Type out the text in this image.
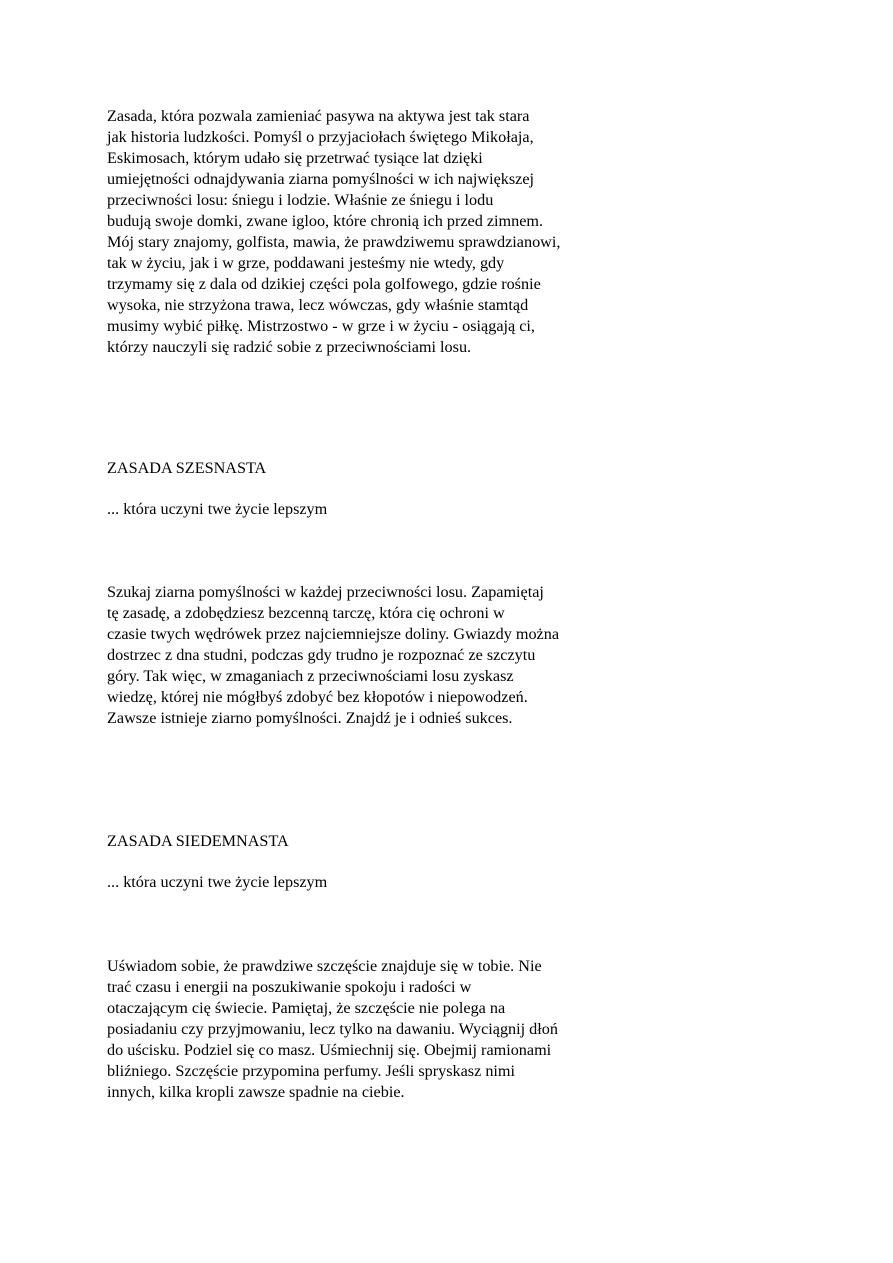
Zasada, która pozwala zamieniać pasywa na aktywa jest tak stara
jak historia ludzkości. Pomyśl o przyjaciołach świętego Mikołaja,
Eskimosach, którym udało się przetrwać tysiące lat dzięki
umiejętności odnajdywania ziarna pomyślności w ich największej
przeciwności losu: śniegu i lodzie. Właśnie ze śniegu i lodu
budują swoje domki, zwane igloo, które chronią ich przed zimnem.
Mój stary znajomy, golfista, mawia, że prawdziwemu sprawdzianowi,
tak w życiu, jak i w grze, poddawani jesteśmy nie wtedy, gdy
trzymamy się z dala od dzikiej części pola golfowego, gdzie rośnie
wysoka, nie strzyżona trawa, lecz wówczas, gdy właśnie stamtąd
musimy wybić piłkę. Mistrzostwo - w grze i w życiu - osiągają ci,
którzy nauczyli się radzić sobie z przeciwnościami losu.
ZASADA SZESNASTA
... która uczyni twe życie lepszym
Szukaj ziarna pomyślności w każdej przeciwności losu. Zapamiętaj
tę zasadę, a zdobędziesz bezcenną tarczę, która cię ochroni w
czasie twych wędrówek przez najciemniejsze doliny. Gwiazdy można
dostrzec z dna studni, podczas gdy trudno je rozpoznać ze szczytu
góry. Tak więc, w zmaganiach z przeciwnościami losu zyskasz
wiedzę, której nie mógłbyś zdobyć bez kłopotów i niepowodzeń.
Zawsze istnieje ziarno pomyślności. Znajdź je i odnieś sukces.
ZASADA SIEDEMNASTA
... która uczyni twe życie lepszym
Uświadom sobie, że prawdziwe szczęście znajduje się w tobie. Nie
trać czasu i energii na poszukiwanie spokoju i radości w
otaczającym cię świecie. Pamiętaj, że szczęście nie polega na
posiadaniu czy przyjmowaniu, lecz tylko na dawaniu. Wyciągnij dłoń
do uścisku. Podziel się co masz. Uśmiechnij się. Obejmij ramionami
bliźniego. Szczęście przypomina perfumy. Jeśli spryskasz nimi
innych, kilka kropli zawsze spadnie na ciebie.
